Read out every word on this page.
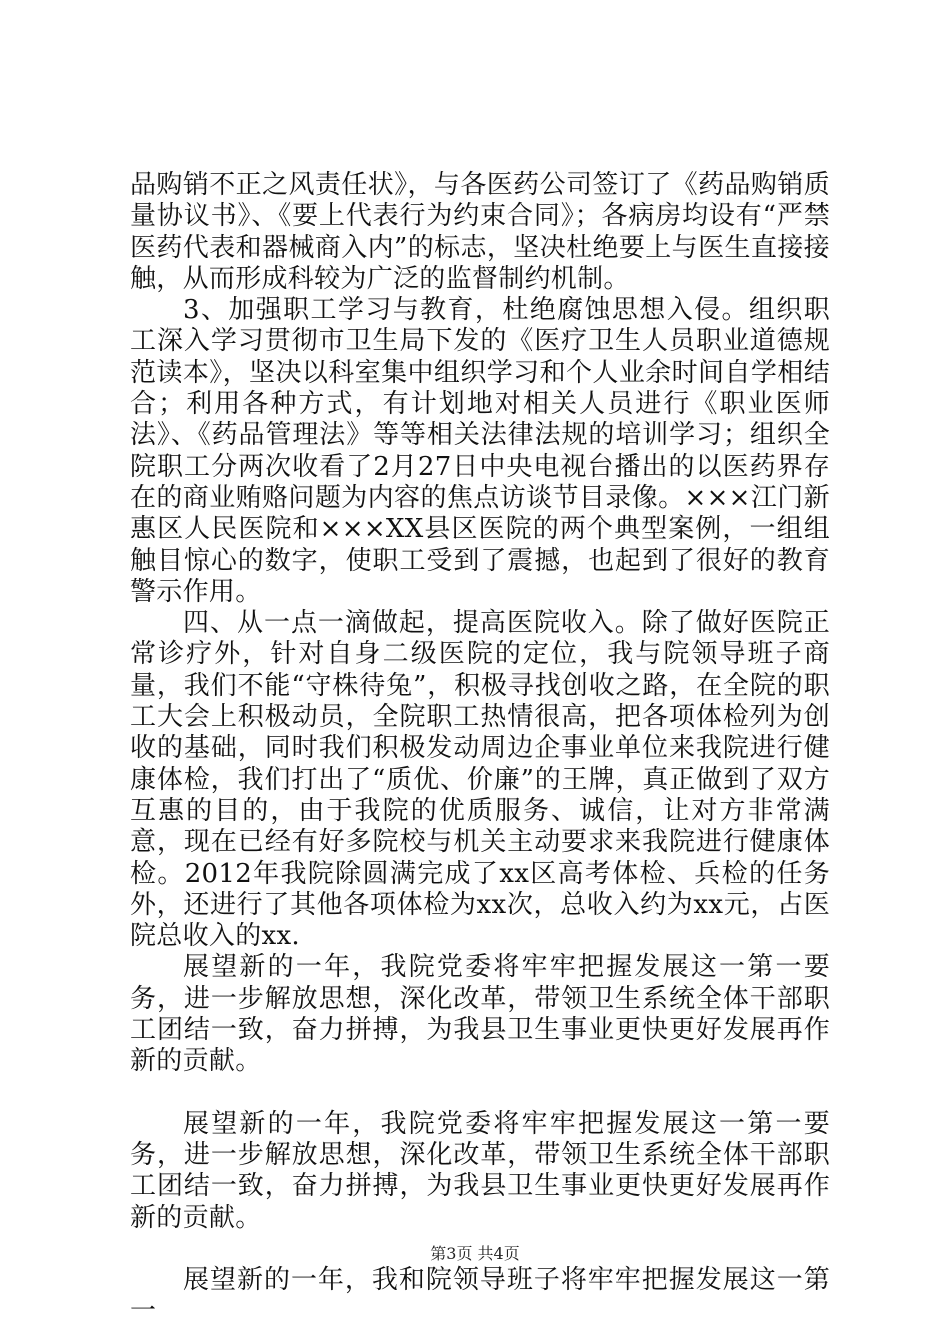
品购销不正之风责任状》，与各医药公司签订了《药品购销质量协议书》、《要上代表行为约束合同》；各病房均设有“严禁医药代表和器械商入内”的标志，坚决杜绝要上与医生直接接触，从而形成科较为广泛的监督制约机制。

3、加强职工学习与教育，杜绝腐蚀思想入侵。组织职工深入学习贯彻市卫生局下发的《医疗卫生人员职业道德规范读本》，坚决以科室集中组织学习和个人业余时间自学相结合；利用各种方式，有计划地对相关人员进行《职业医师法》、《药品管理法》等等相关法律法规的培训学习；组织全院职工分两次收看了2月27日中央电视台播出的以医药界存在的商业贿赂问题为内容的焦点访谈节目录像。×××江门新惠区人民医院和×××XX县区医院的两个典型案例，一组组触目惊心的数字，使职工受到了震撼，也起到了很好的教育警示作用。

四、从一点一滴做起，提高医院收入。除了做好医院正常诊疗外，针对自身二级医院的定位，我与院领导班子商量，我们不能“守株待兔”，积极寻找创收之路，在全院的职工大会上积极动员，全院职工热情很高，把各项体检列为创收的基础，同时我们积极发动周边企事业单位来我院进行健康体检，我们打出了“质优、价廉”的王牌，真正做到了双方互惠的目的，由于我院的优质服务、诚信，让对方非常满意，现在已经有好多院校与机关主动要求来我院进行健康体检。2012年我院除圆满完成了xx区高考体检、兵检的任务外，还进行了其他各项体检为xx次，总收入约为xx元，占医院总收入的xx.

展望新的一年，我院党委将牢牢把握发展这一第一要务，进一步解放思想，深化改革，带领卫生系统全体干部职工团结一致，奋力拼搏，为我县卫生事业更快更好发展再作新的贡献。

展望新的一年，我院党委将牢牢把握发展这一第一要务，进一步解放思想，深化改革，带领卫生系统全体干部职工团结一致，奋力拼搏，为我县卫生事业更快更好发展再作新的贡献。

展望新的一年，我和院领导班子将牢牢把握发展这一第一

第3页 共4页
